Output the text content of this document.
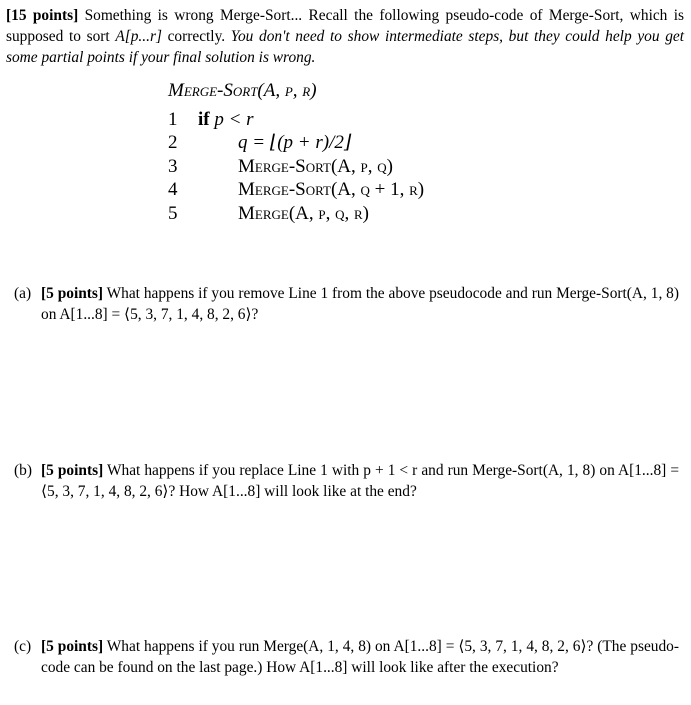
[15 points] Something is wrong Merge-Sort... Recall the following pseudo-code of Merge-Sort, which is supposed to sort A[p...r] correctly. You don't need to show intermediate steps, but they could help you get some partial points if your final solution is wrong.
Merge-Sort(A, p, r)
1 if p < r
2	q = ⌊(p + r)/2⌋
3	Merge-Sort(A, p, q)
4	Merge-Sort(A, q + 1, r)
5	Merge(A, p, q, r)
(a) [5 points] What happens if you remove Line 1 from the above pseudocode and run Merge-Sort(A, 1, 8) on A[1...8] = ⟨5, 3, 7, 1, 4, 8, 2, 6⟩?
(b) [5 points] What happens if you replace Line 1 with p + 1 < r and run Merge-Sort(A, 1, 8) on A[1...8] = ⟨5, 3, 7, 1, 4, 8, 2, 6⟩? How A[1...8] will look like at the end?
(c) [5 points] What happens if you run Merge(A, 1, 4, 8) on A[1...8] = ⟨5, 3, 7, 1, 4, 8, 2, 6⟩? (The pseudo-code can be found on the last page.) How A[1...8] will look like after the execution?
